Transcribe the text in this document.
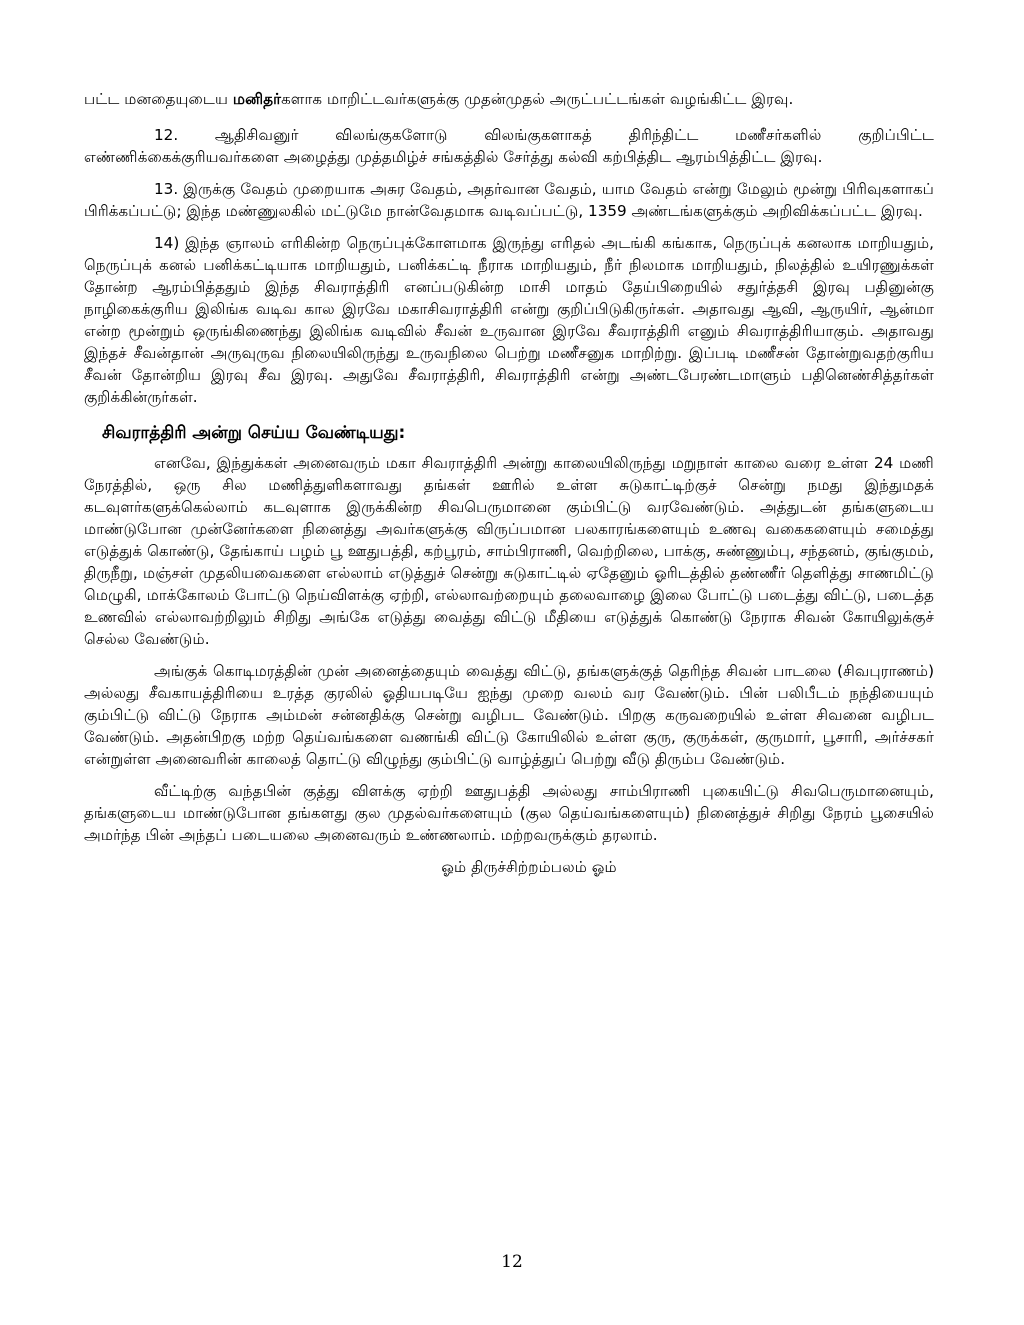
பட்ட மனதையுடைய மனிதர்களாக மாறிட்டவர்களுக்கு முதன்முதல் அருட்பட்டங்கள் வழங்கிட்ட இரவு.

12. ஆதிசிவனுர் விலங்குகளோடு விலங்குகளாகத் திரிந்திட்ட மணீசர்களில் குறிப்பிட்ட எண்ணிக்கைக்குரியவர்களை அழைத்து முத்தமிழ்ச் சங்கத்தில் சேர்த்து கல்வி கற்பித்திட ஆரம்பித்திட்ட இரவு.

13. இருக்கு வேதம் முறையாக அசுர வேதம், அதர்வான வேதம், யாம வேதம் என்று மேலும் மூன்று பிரிவுகளாகப் பிரிக்கப்பட்டு; இந்த மண்ணுலகில் மட்டுமே நான்வேதமாக வடிவப்பட்டு, 1359 அண்டங்களுக்கும் அறிவிக்கப்பட்ட இரவு.

14) இந்த ஞாலம் எரிகின்ற நெருப்புக்கோளமாக இருந்து எரிதல் அடங்கி கங்காக, நெருப்புக் கனலாக மாறியதும், நெருப்புக் கனல் பனிக்கட்டியாக மாறியதும், பனிக்கட்டி நீராக மாறியதும், நீர் நிலமாக மாறியதும், நிலத்தில் உயிரணுக்கள் தோன்ற ஆரம்பித்ததும் இந்த சிவராத்திரி எனப்படுகின்ற மாசி மாதம் தேய்பிறையில் சதுர்த்தசி இரவு பதினுன்கு நாழிகைக்குரிய இலிங்க வடிவ கால இரவே மகாசிவராத்திரி என்று குறிப்பிடுகிருர்கள். அதாவது ஆவி, ஆருயிர், ஆன்மா என்ற மூன்றும் ஒருங்கிணைந்து இலிங்க வடிவில் சீவன் உருவான இரவே சீவராத்திரி எனும் சிவராத்திரியாகும். அதாவது இந்தச் சீவன்தான் அருவுருவ நிலையிலிருந்து உருவநிலை பெற்று மணீசனுக மாறிற்று. இப்படி மணீசன் தோன்றுவதற்குரிய சீவன் தோன்றிய இரவு சீவ இரவு. அதுவே சீவராத்திரி, சிவராத்திரி என்று அண்டபேரண்டமாளும் பதினெண்சித்தர்கள் குறிக்கின்ருர்கள்.

சிவராத்திரி அன்று செய்ய வேண்டியது:

எனவே, இந்துக்கள் அனைவரும் மகா சிவராத்திரி அன்று காலையிலிருந்து மறுநாள் காலை வரை உள்ள 24 மணி நேரத்தில், ஒரு சில மணித்துளிகளாவது தங்கள் ஊரில் உள்ள சுடுகாட்டிற்குச் சென்று நமது இந்துமதக் கடவுளர்களுக்கெல்லாம் கடவுளாக இருக்கின்ற சிவபெருமானை கும்பிட்டு வரவேண்டும். அத்துடன் தங்களுடைய மாண்டுபோன முன்னேர்களை நினைத்து அவர்களுக்கு விருப்பமான பலகாரங்களையும் உணவு வகைகளையும் சமைத்து எடுத்துக் கொண்டு, தேங்காய் பழம் பூ ஊதுபத்தி, கற்பூரம், சாம்பிராணி, வெற்றிலை, பாக்கு, சுண்ணும்பு, சந்தனம், குங்குமம், திருநீறு, மஞ்சள் முதலியவைகளை எல்லாம் எடுத்துச் சென்று சுடுகாட்டில் ஏதேனும் ஓரிடத்தில் தண்ணீர் தெளித்து சாணமிட்டு மெழுகி, மாக்கோலம் போட்டு நெய்விளக்கு ஏற்றி, எல்லாவற்றையும் தலைவாழை இலை போட்டு படைத்து விட்டு, படைத்த உணவில் எல்லாவற்றிலும் சிறிது அங்கே எடுத்து வைத்து விட்டு மீதியை எடுத்துக் கொண்டு நேராக சிவன் கோயிலுக்குச் செல்ல வேண்டும்.

அங்குக் கொடிமரத்தின் முன் அனைத்தையும் வைத்து விட்டு, தங்களுக்குத் தெரிந்த சிவன் பாடலை (சிவபுராணம்) அல்லது சீவகாயத்திரியை உரத்த குரலில் ஓதியபடியே ஐந்து முறை வலம் வர வேண்டும். பின் பலிபீடம் நந்தியையும் கும்பிட்டு விட்டு நேராக அம்மன் சன்னதிக்கு சென்று வழிபட வேண்டும். பிறகு கருவறையில் உள்ள சிவனை வழிபட வேண்டும். அதன்பிறகு மற்ற தெய்வங்களை வணங்கி விட்டு கோயிலில் உள்ள குரு, குருக்கள், குருமார், பூசாரி, அர்ச்சகர் என்றுள்ள அனைவரின் காலைத் தொட்டு விழுந்து கும்பிட்டு வாழ்த்துப் பெற்று வீடு திரும்ப வேண்டும்.

வீட்டிற்கு வந்தபின் குத்து விளக்கு ஏற்றி ஊதுபத்தி அல்லது சாம்பிராணி புகையிட்டு சிவபெருமானையும், தங்களுடைய மாண்டுபோன தங்களது குல முதல்வர்களையும் (குல தெய்வங்களையும்) நினைத்துச் சிறிது நேரம் பூசையில் அமர்ந்த பின் அந்தப் படையலை அனைவரும் உண்ணலாம். மற்றவருக்கும் தரலாம்.

ஓம் திருச்சிற்றம்பலம் ஓம்
12
